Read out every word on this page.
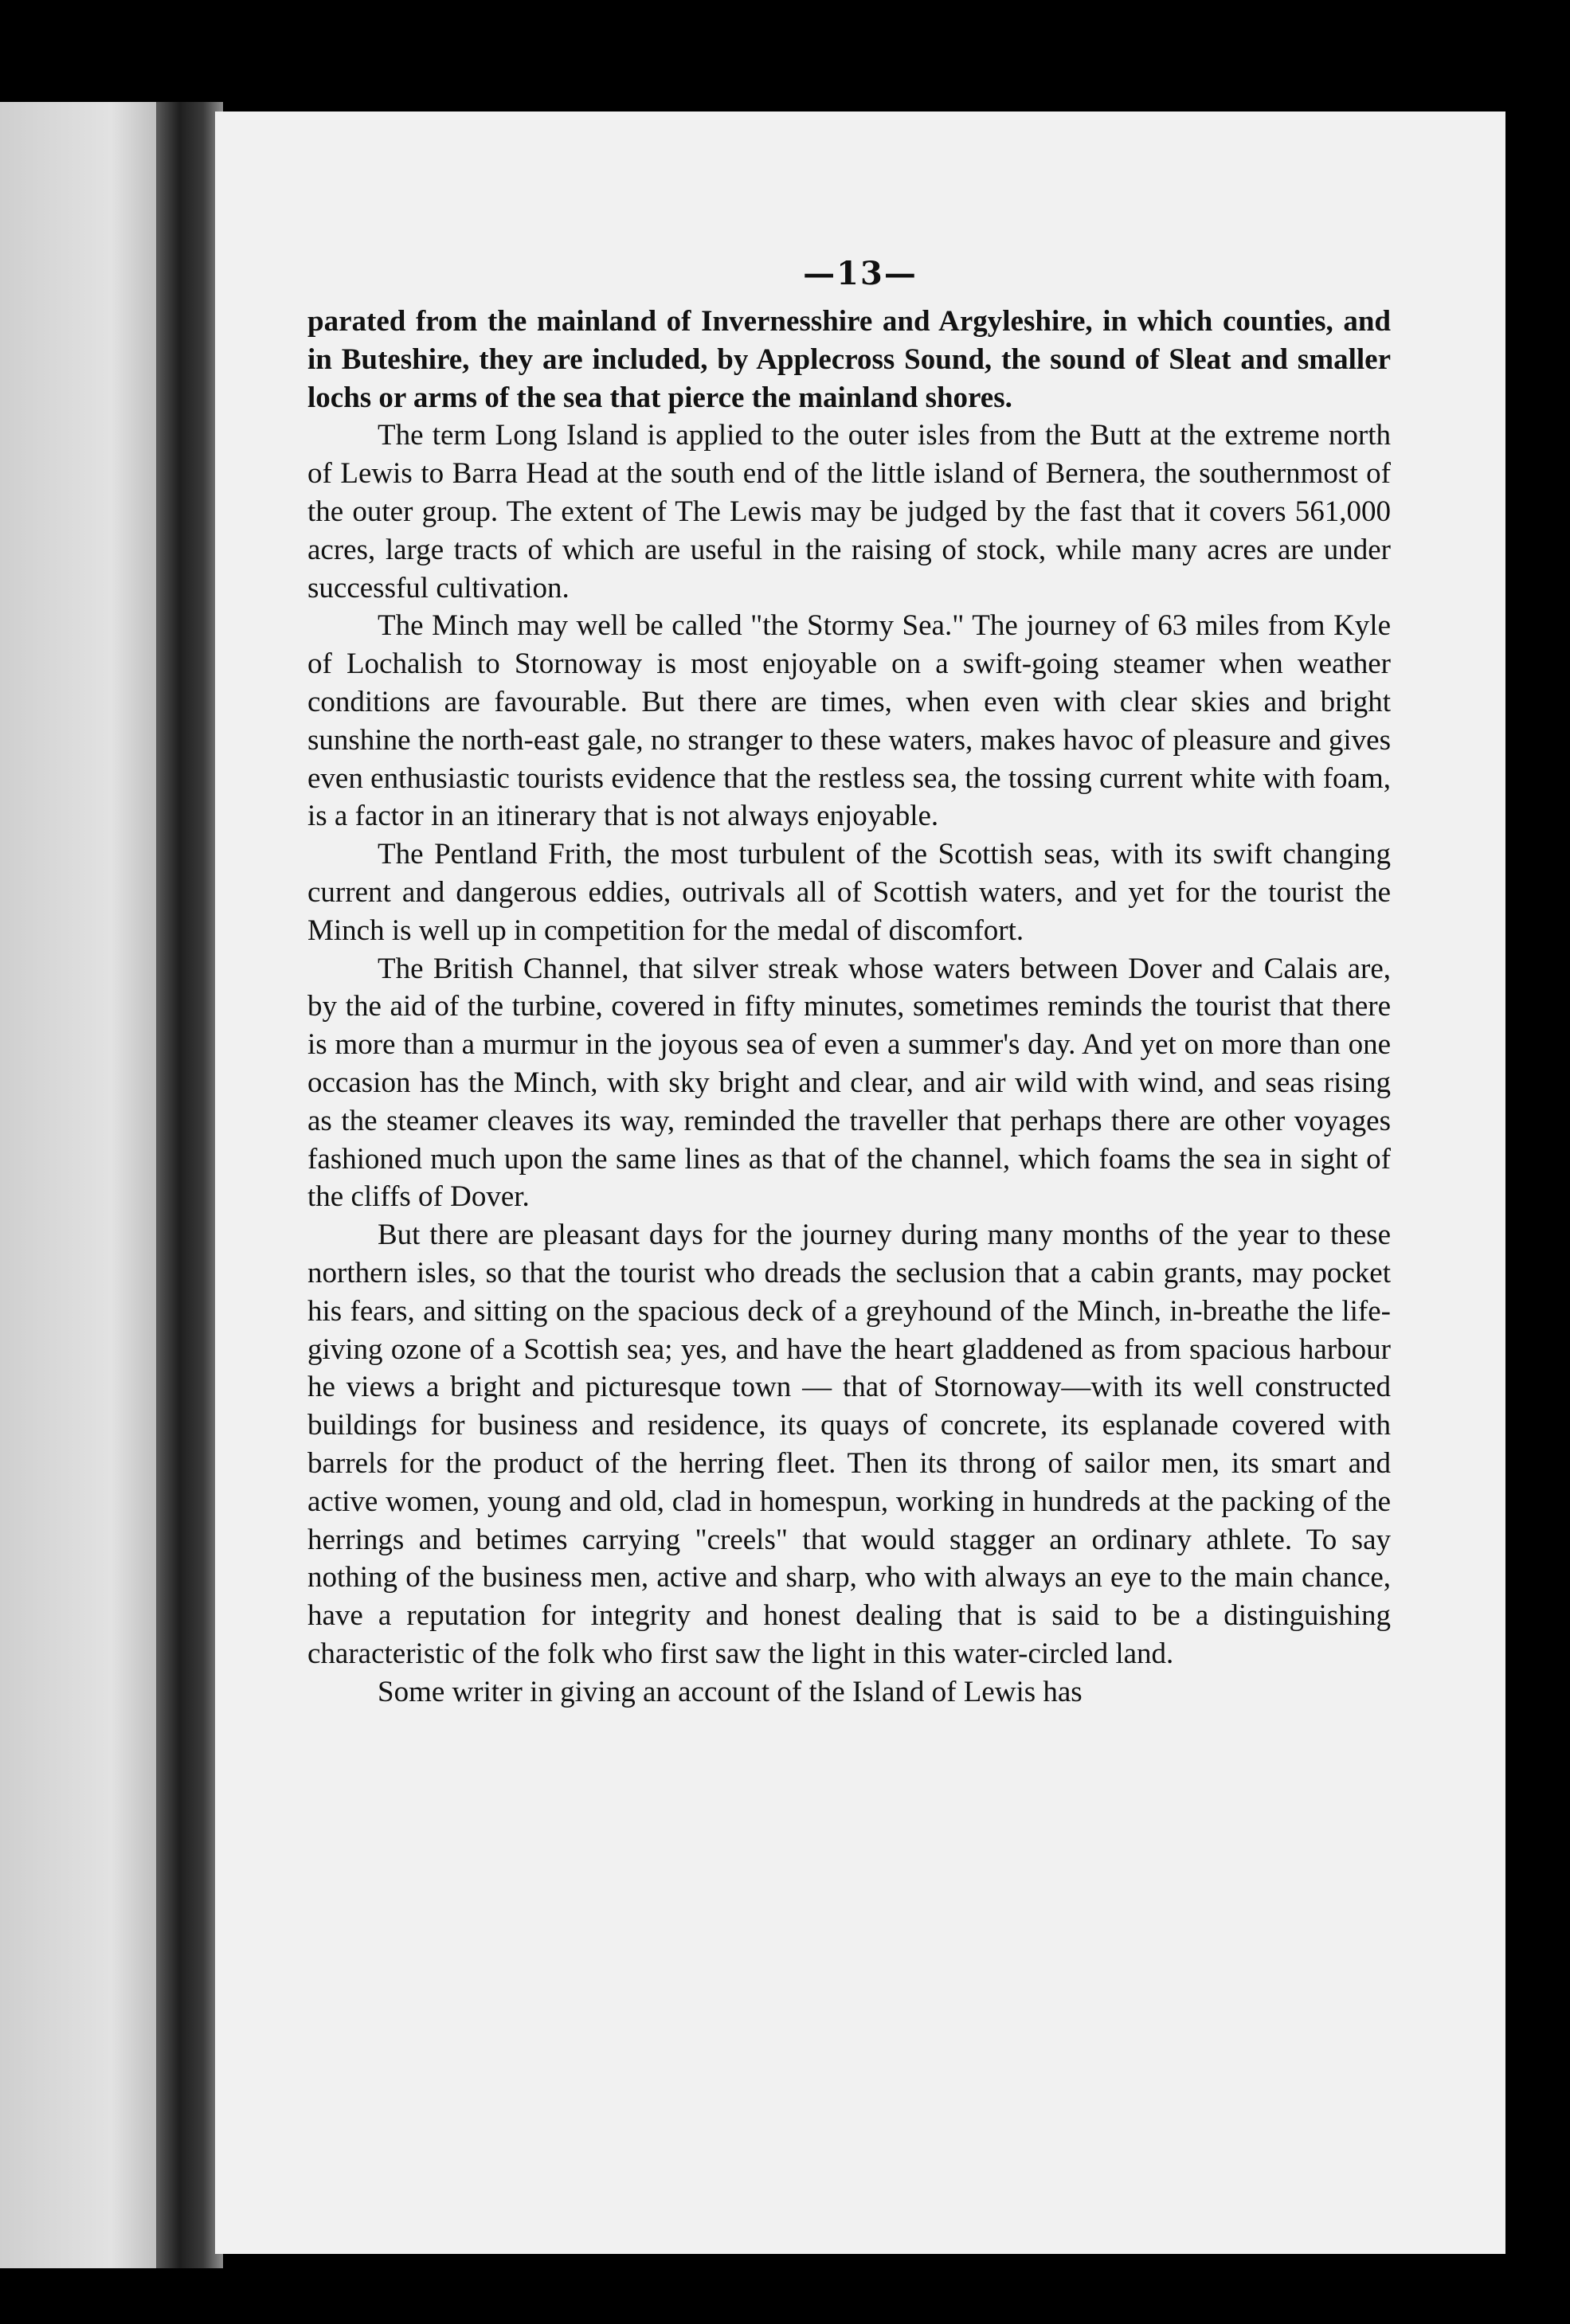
—13—

parated from the mainland of Invernesshire and Argyleshire, in which counties, and in Buteshire, they are included, by Applecross Sound, the sound of Sleat and smaller lochs or arms of the sea that pierce the mainland shores.

The term Long Island is applied to the outer isles from the Butt at the extreme north of Lewis to Barra Head at the south end of the little island of Bernera, the southernmost of the outer group. The extent of The Lewis may be judged by the fast that it covers 561,000 acres, large tracts of which are useful in the raising of stock, while many acres are under successful cultivation.

The Minch may well be called "the Stormy Sea." The journey of 63 miles from Kyle of Lochalish to Stornoway is most enjoyable on a swift-going steamer when weather conditions are favourable. But there are times, when even with clear skies and bright sunshine the north-east gale, no stranger to these waters, makes havoc of pleasure and gives even enthusiastic tourists evidence that the restless sea, the tossing current white with foam, is a factor in an itinerary that is not always enjoyable.

The Pentland Frith, the most turbulent of the Scottish seas, with its swift changing current and dangerous eddies, outrivals all of Scottish waters, and yet for the tourist the Minch is well up in competition for the medal of discomfort.

The British Channel, that silver streak whose waters between Dover and Calais are, by the aid of the turbine, covered in fifty minutes, sometimes reminds the tourist that there is more than a murmur in the joyous sea of even a summer's day. And yet on more than one occasion has the Minch, with sky bright and clear, and air wild with wind, and seas rising as the steamer cleaves its way, reminded the traveller that perhaps there are other voyages fashioned much upon the same lines as that of the channel, which foams the sea in sight of the cliffs of Dover.

But there are pleasant days for the journey during many months of the year to these northern isles, so that the tourist who dreads the seclusion that a cabin grants, may pocket his fears, and sitting on the spacious deck of a greyhound of the Minch, in-breathe the life-giving ozone of a Scottish sea; yes, and have the heart gladdened as from spacious harbour he views a bright and picturesque town — that of Stornoway—with its well constructed buildings for business and residence, its quays of concrete, its esplanade covered with barrels for the product of the herring fleet. Then its throng of sailor men, its smart and active women, young and old, clad in homespun, working in hundreds at the packing of the herrings and betimes carrying "creels" that would stagger an ordinary athlete. To say nothing of the business men, active and sharp, who with always an eye to the main chance, have a reputation for integrity and honest dealing that is said to be a distinguishing characteristic of the folk who first saw the light in this water-circled land.

Some writer in giving an account of the Island of Lewis has
